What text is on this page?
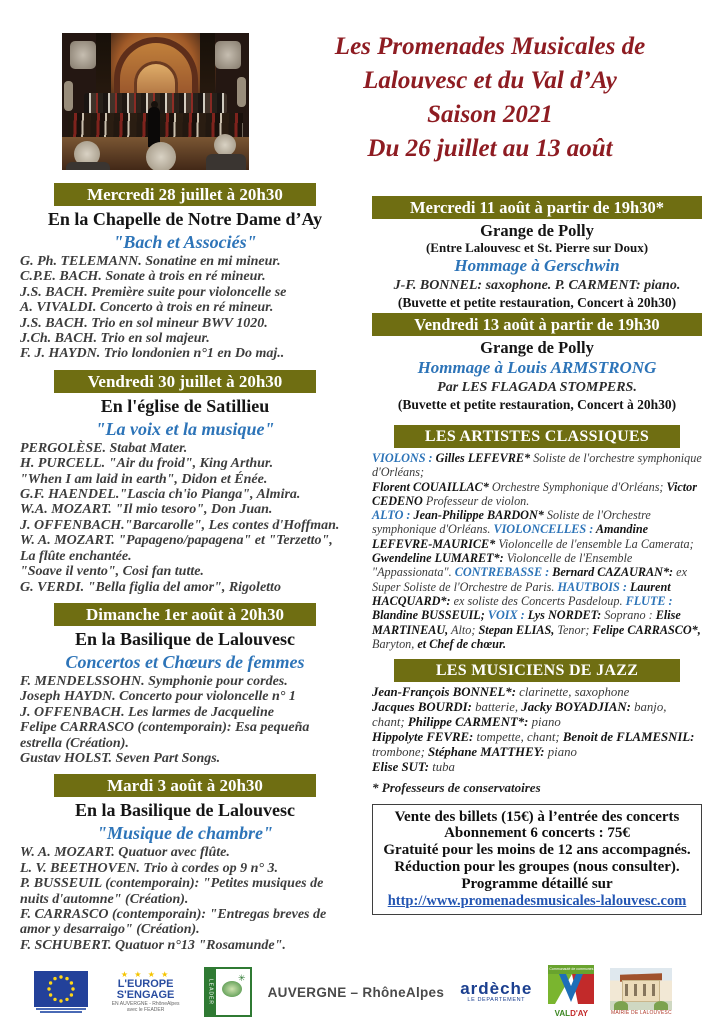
Les Promenades Musicales de
Lalouvesc et du Val d’Ay
Saison 2021
Du 26 juillet au 13 août
Mercredi 28 juillet à 20h30
En la Chapelle de Notre Dame d’Ay
"Bach et Associés"
G. Ph. TELEMANN. Sonatine en mi mineur.
C.P.E. BACH. Sonate à trois en ré mineur.
J.S. BACH. Première suite pour violoncelle se
A. VIVALDI. Concerto à trois en ré mineur.
J.S. BACH. Trio en sol mineur BWV 1020.
J.Ch. BACH. Trio en sol majeur.
F. J. HAYDN. Trio londonien n°1 en Do maj..
Vendredi 30 juillet à 20h30
En l'église de Satillieu
"La voix et la musique"
PERGOLÈSE. Stabat Mater.
H. PURCELL. "Air du froid", King Arthur.
"When I am laid in earth", Didon et Énée.
G.F. HAENDEL."Lascia ch'io Pianga", Almira.
W.A. MOZART. "Il mio tesoro", Don Juan.
J. OFFENBACH."Barcarolle", Les contes d'Hoffman.
W. A. MOZART. "Papageno/papagena" et "Terzetto", La flûte enchantée.
"Soave il vento", Cosi fan tutte.
G. VERDI. "Bella figlia del amor", Rigoletto
Dimanche 1er août à 20h30
En la Basilique de Lalouvesc
Concertos et Chœurs de femmes
F. MENDELSSOHN. Symphonie pour cordes.
Joseph HAYDN. Concerto pour violoncelle n° 1
J. OFFENBACH. Les larmes de Jacqueline
Felipe CARRASCO (contemporain): Esa pequeña estrella (Création).
Gustav HOLST. Seven Part Songs.
Mardi 3 août à 20h30
En la Basilique de Lalouvesc
"Musique de chambre"
W. A. MOZART. Quatuor avec flûte.
L. V. BEETHOVEN. Trio à cordes op 9 n° 3.
P. BUSSEUIL (contemporain): "Petites musiques de nuits d'automne" (Création).
F. CARRASCO (contemporain): "Entregas breves de amor y desarraigo" (Création).
F. SCHUBERT. Quatuor n°13 "Rosamunde".
Mercredi 11 août à partir de 19h30*
Grange de Polly
(Entre Lalouvesc et St. Pierre sur Doux)
Hommage à Gerschwin
J-F. BONNEL: saxophone. P. CARMENT: piano.
(Buvette et petite restauration, Concert à 20h30)
Vendredi 13 août à partir de 19h30
Grange de Polly
Hommage à Louis ARMSTRONG
Par LES FLAGADA STOMPERS.
(Buvette et petite restauration, Concert à 20h30)
LES ARTISTES CLASSIQUES
VIOLONS : Gilles LEFEVRE* Soliste de l'orchestre symphonique d'Orléans;
Florent COUAILLAC* Orchestre Symphonique d'Orléans; Victor CEDENO Professeur de violon.
ALTO : Jean-Philippe BARDON* Soliste de l'Orchestre symphonique d'Orléans. VIOLONCELLES : Amandine LEFEVRE-MAURICE* Violoncelle de l'ensemble La Camerata; Gwendeline LUMARET*: Violoncelle de l'Ensemble "Appassionata". CONTREBASSE : Bernard CAZAURAN*: ex Super Soliste de l'Orchestre de Paris. HAUTBOIS : Laurent HACQUARD*: ex soliste des Concerts Pasdeloup. FLUTE : Blandine BUSSEUIL; VOIX : Lys NORDET: Soprano : Elise MARTINEAU, Alto; Stepan ELIAS, Tenor; Felipe CARRASCO*, Baryton, et Chef de chœur.
LES MUSICIENS DE JAZZ
Jean-François BONNEL*: clarinette, saxophone
Jacques BOURDI: batterie, Jacky BOYADJIAN: banjo, chant; Philippe CARMENT*: piano
Hippolyte FEVRE: tompette, chant; Benoit de FLAMESNIL: trombone; Stéphane MATTHEY: piano
Elise SUT: tuba
* Professeurs de conservatoires
Vente des billets (15€) à l’entrée des concerts
Abonnement 6 concerts : 75€
Gratuité pour les moins de 12 ans accompagnés.
Réduction pour les groupes (nous consulter).
Programme détaillé sur
http://www.promenadesmusicales-lalouvesc.com
★ ★ ★ ★
L'EUROPE
S'ENGAGE
EN AUVERGNE - RhôneAlpes
avec le FEADER
LEADER ✳	AUVERGNE – RhôneAlpes ardèche
LE DEPARTEMENT
Communauté de communes
VALD'AY	MAIRIE DE LALOUVESC
